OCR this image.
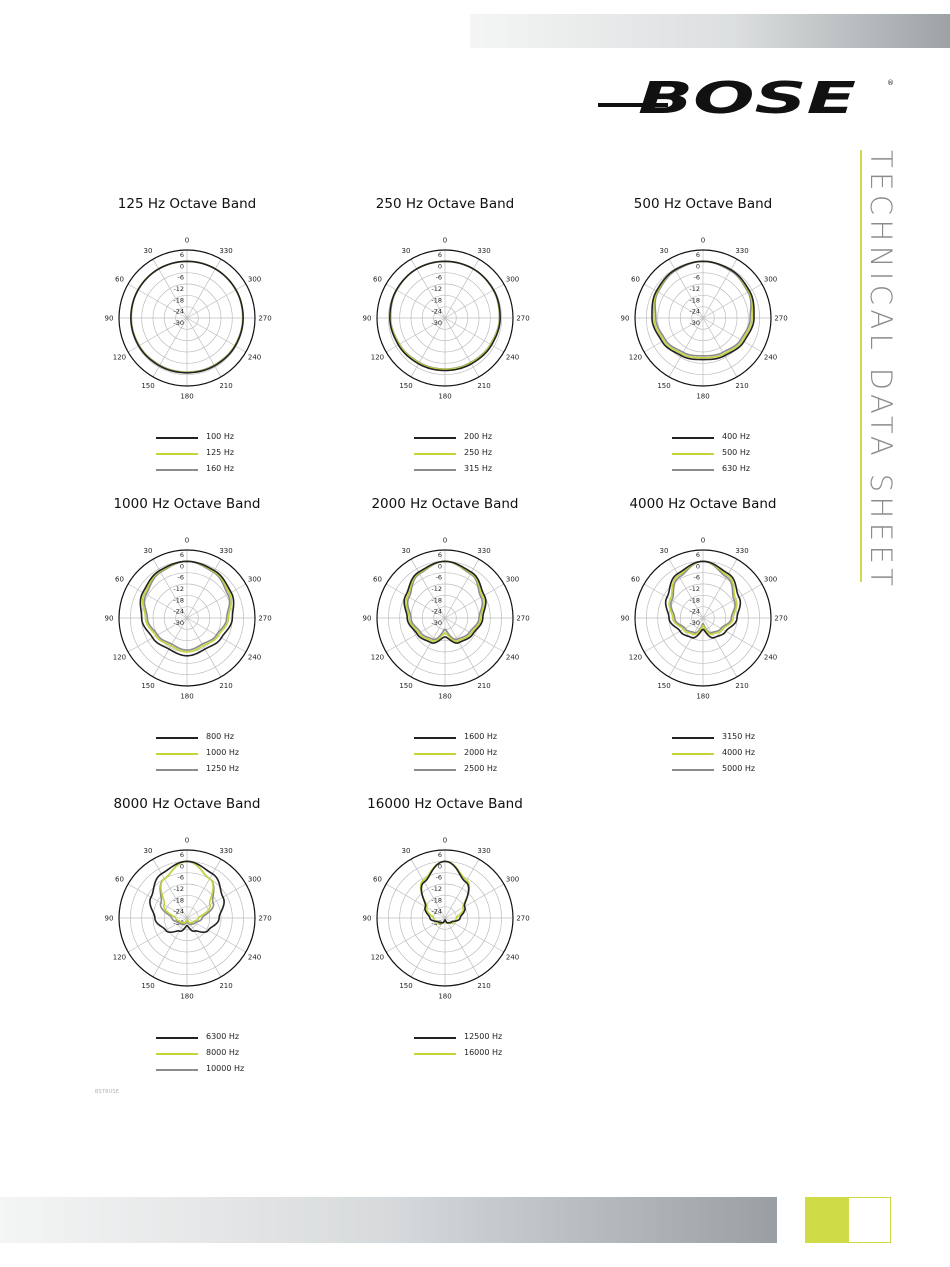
BOSE	®
TECHNICAL DATA SHEET
125 Hz Octave Band
0
30
60
90
120
150
180
210
240
270
300
330
6
0
-6
-12
-18
-24
-30
100 Hz
125 Hz
160 Hz
250 Hz Octave Band
0
30
60
90
120
150
180
210
240
270
300
330
6
0
-6
-12
-18
-24
-30
200 Hz
250 Hz
315 Hz
500 Hz Octave Band
0
30
60
90
120
150
180
210
240
270
300
330
6
0
-6
-12
-18
-24
-30
400 Hz
500 Hz
630 Hz
1000 Hz Octave Band
0
30
60
90
120
150
180
210
240
270
300
330
6
0
-6
-12
-18
-24
-30
800 Hz
1000 Hz
1250 Hz
2000 Hz Octave Band
0
30
60
90
120
150
180
210
240
270
300
330
6
0
-6
-12
-18
-24
-30
1600 Hz
2000 Hz
2500 Hz
4000 Hz Octave Band
0
30
60
90
120
150
180
210
240
270
300
330
6
0
-6
-12
-18
-24
-30
3150 Hz
4000 Hz
5000 Hz
8000 Hz Octave Band
0
30
60
90
120
150
180
210
240
270
300
330
6
0
-6
-12
-18
-24
-30
6300 Hz
8000 Hz
10000 Hz
16000 Hz Octave Band
0
30
60
90
120
150
180
210
240
270
300
330
6
0
-6
-12
-18
-24
-30
12500 Hz
16000 Hz
BST8USE
